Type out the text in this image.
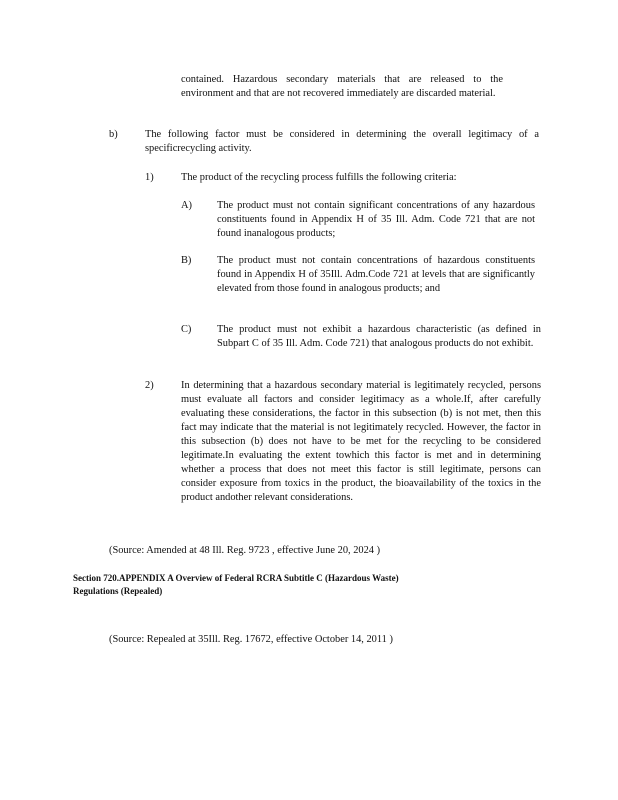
contained. Hazardous secondary materials that are released to the environment and that are not recovered immediately are discarded material.

b)	The following factor must be considered in determining the overall legitimacy of a specificrecycling activity.

1)	The product of the recycling process fulfills the following criteria:

A) The product must not contain significant concentrations of any hazardous constituents found in Appendix H of 35 Ill. Adm. Code 721 that are not found inanalogous products;

B) The product must not contain concentrations of hazardous constituents found in Appendix H of 35Ill. Adm.Code 721 at levels that are significantly elevated from those found in analogous products; and

C) The product must not exhibit a hazardous characteristic (as defined in Subpart C of 35 Ill. Adm. Code 721) that analogous products do not exhibit.

2)	In determining that a hazardous secondary material is legitimately recycled, persons must evaluate all factors and consider legitimacy as a whole.If, after carefully evaluating these considerations, the factor in this subsection (b) is not met, then this fact may indicate that the material is not legitimately recycled. However, the factor in this subsection (b) does not have to be met for the recycling to be considered legitimate.In evaluating the extent towhich this factor is met and in determining whether a process that does not meet this factor is still legitimate, persons can consider exposure from toxics in the product, the bioavailability of the toxics in the product andother relevant considerations.

(Source: Amended at 48 Ill. Reg. 9723 , effective June 20, 2024 )

Section 720.APPENDIX A Overview of Federal RCRA Subtitle C (Hazardous Waste)
Regulations (Repealed)

(Source: Repealed at 35Ill. Reg. 17672, effective October 14, 2011 )
